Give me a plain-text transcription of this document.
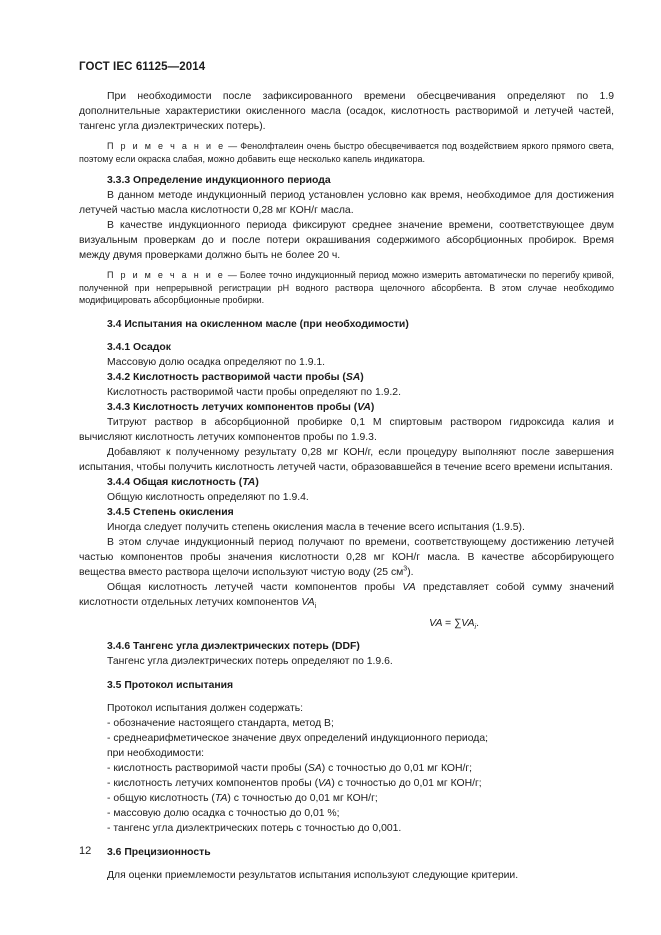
ГОСТ IEC 61125—2014

При необходимости после зафиксированного времени обесцвечивания определяют по 1.9 дополнительные характеристики окисленного масла (осадок, кислотность растворимой и летучей частей, тангенс угла диэлектрических потерь).

П р и м е ч а н и е — Фенолфталеин очень быстро обесцвечивается под воздействием яркого прямого света, поэтому если окраска слабая, можно добавить еще несколько капель индикатора.

3.3.3 Определение индукционного периода

В данном методе индукционный период установлен условно как время, необходимое для достижения летучей частью масла кислотности 0,28 мг КОН/г масла.

В качестве индукционного периода фиксируют среднее значение времени, соответствующее двум визуальным проверкам до и после потери окрашивания содержимого абсорбционных пробирок. Время между двумя проверками должно быть не более 20 ч.

П р и м е ч а н и е — Более точно индукционный период можно измерить автоматически по перегибу кривой, полученной при непрерывной регистрации pH водного раствора щелочного абсорбента. В этом случае необходимо модифицировать абсорбционные пробирки.

3.4 Испытания на окисленном масле (при необходимости)

3.4.1 Осадок

Массовую долю осадка определяют по 1.9.1.

3.4.2 Кислотность растворимой части пробы (SA)

Кислотность растворимой части пробы определяют по 1.9.2.

3.4.3 Кислотность летучих компонентов пробы (VA)

Титруют раствор в абсорбционной пробирке 0,1 М спиртовым раствором гидроксида калия и вычисляют кислотность летучих компонентов пробы по 1.9.3.

Добавляют к полученному результату 0,28 мг КОН/г, если процедуру выполняют после завершения испытания, чтобы получить кислотность летучей части, образовавшейся в течение всего времени испытания.

3.4.4 Общая кислотность (TA)

Общую кислотность определяют по 1.9.4.

3.4.5 Степень окисления

Иногда следует получить степень окисления масла в течение всего испытания (1.9.5).

В этом случае индукционный период получают по времени, соответствующему достижению летучей частью компонентов пробы значения кислотности 0,28 мг КОН/г масла. В качестве абсорбирующего вещества вместо раствора щелочи используют чистую воду (25 $см^3$).

Общая кислотность летучей части компонентов пробы VA представляет собой сумму значений кислотности отдельных летучих компонентов $VA_i$

VA = $\sum VA_i$.

3.4.6 Тангенс угла диэлектрических потерь (DDF)

Тангенс угла диэлектрических потерь определяют по 1.9.6.

3.5 Протокол испытания

Протокол испытания должен содержать:

- обозначение настоящего стандарта, метод В;

- среднеарифметическое значение двух определений индукционного периода;

при необходимости:

- кислотность растворимой части пробы (SA) с точностью до 0,01 мг КОН/г;

- кислотность летучих компонентов пробы (VA) с точностью до 0,01 мг КОН/г;

- общую кислотность (TA) с точностью до 0,01 мг КОН/г;

- массовую долю осадка с точностью до 0,01 %;

- тангенс угла диэлектрических потерь с точностью до 0,001.

3.6 Прецизионность

Для оценки приемлемости результатов испытания используют следующие критерии.

12
